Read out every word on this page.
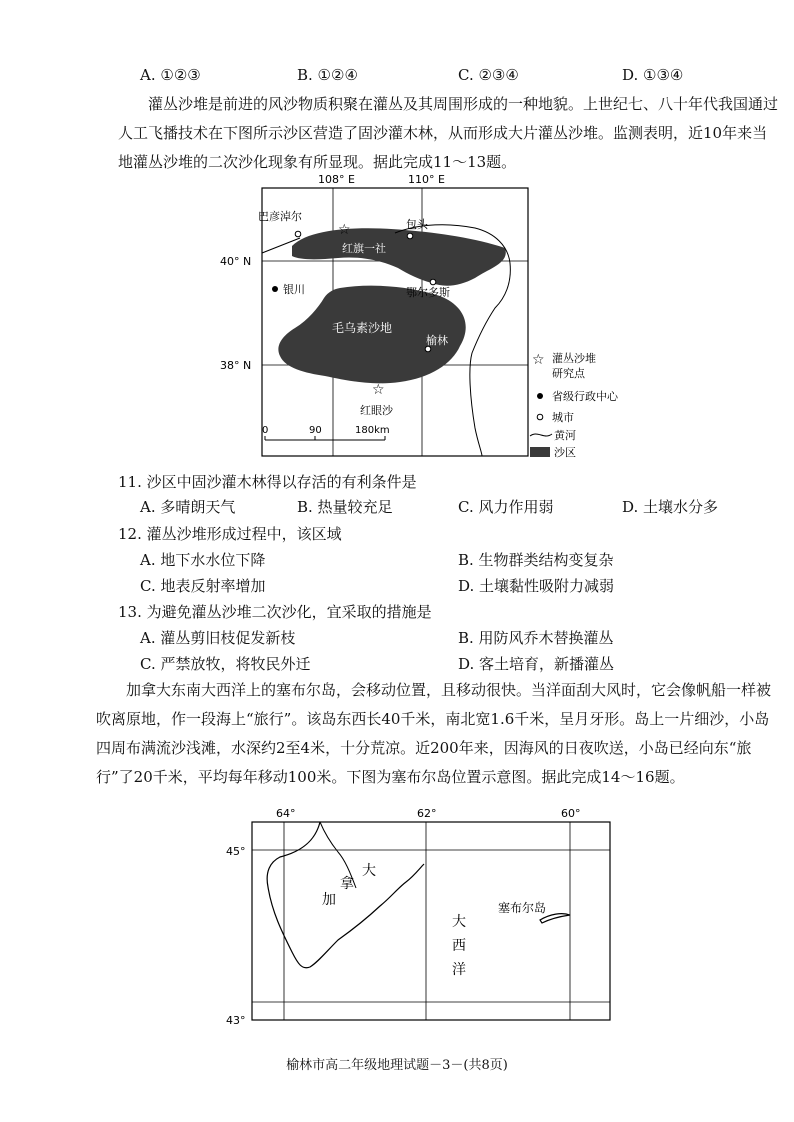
A. ①②③	B. ①②④	C. ②③④	D. ①③④
灌丛沙堆是前进的风沙物质积聚在灌丛及其周围形成的一种地貌。上世纪七、八十年代我国通过人工飞播技术在下图所示沙区营造了固沙灌木林，从而形成大片灌丛沙堆。监测表明，近10年来当地灌丛沙堆的二次沙化现象有所显现。据此完成11～13题。
108° E	110° E
40° N
38° N
巴彦淖尔
包头
红旗一社
☆
银川	鄂尔多斯
毛乌素沙地
榆林
☆
红眼沙
0	90	180km
☆ 灌丛沙堆
研究点
省级行政中心
城市
黄河
沙区
11. 沙区中固沙灌木林得以存活的有利条件是
A. 多晴朗天气	B. 热量较充足	C. 风力作用弱	D. 土壤水分多
12. 灌丛沙堆形成过程中，该区域
A. 地下水水位下降	B. 生物群类结构变复杂
C. 地表反射率增加	D. 土壤黏性吸附力减弱
13. 为避免灌丛沙堆二次沙化，宜采取的措施是
A. 灌丛剪旧枝促发新枝	B. 用防风乔木替换灌丛
C. 严禁放牧，将牧民外迁	D. 客土培育，新播灌丛
加拿大东南大西洋上的塞布尔岛，会移动位置，且移动很快。当洋面刮大风时，它会像帆船一样被吹离原地，作一段海上“旅行”。该岛东西长40千米，南北宽1.6千米，呈月牙形。岛上一片细沙，小岛四周布满流沙浅滩，水深约2至4米，十分荒凉。近200年来，因海风的日夜吹送，小岛已经向东“旅行”了20千米，平均每年移动100米。下图为塞布尔岛位置示意图。据此完成14～16题。
64°	62°	60°
45°
43°
加
拿
大
大
西
洋
塞布尔岛
榆林市高二年级地理试题－3－(共8页)
